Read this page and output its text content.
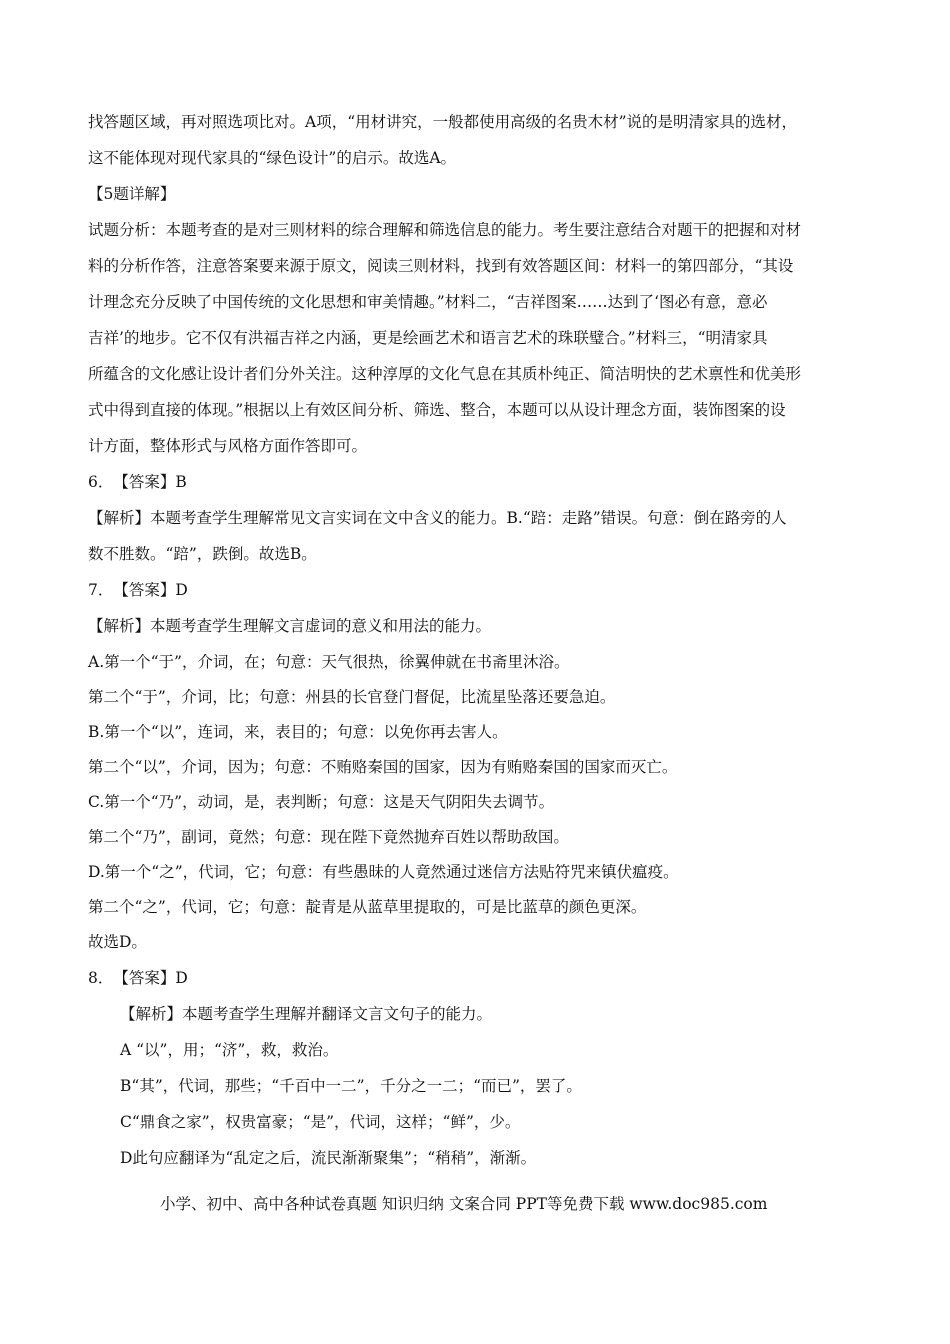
找答题区域，再对照选项比对。A项，“用材讲究，一般都使用高级的名贵木材”说的是明清家具的选材，
这不能体现对现代家具的“绿色设计”的启示。故选A。
【5题详解】
试题分析：本题考查的是对三则材料的综合理解和筛选信息的能力。考生要注意结合对题干的把握和对材
料的分析作答，注意答案要来源于原文，阅读三则材料，找到有效答题区间：材料一的第四部分，“其设
计理念充分反映了中国传统的文化思想和审美情趣。”材料二，“吉祥图案……达到了‘图必有意，意必
吉祥’的地步。它不仅有洪福吉祥之内涵，更是绘画艺术和语言艺术的珠联璧合。”材料三，“明清家具
所蕴含的文化感让设计者们分外关注。这种淳厚的文化气息在其质朴纯正、简洁明快的艺术禀性和优美形
式中得到直接的体现。”根据以上有效区间分析、筛选、整合，本题可以从设计理念方面，装饰图案的设
计方面，整体形式与风格方面作答即可。
6．　【答案】B
【解析】本题考查学生理解常见文言实词在文中含义的能力。B.“踣：走路”错误。句意：倒在路旁的人
数不胜数。“踣”，跌倒。故选B。
7．　【答案】D
【解析】本题考查学生理解文言虚词的意义和用法的能力。
A.第一个“于”，介词，在；句意：天气很热，徐翼伸就在书斋里沐浴。
第二个“于”，介词，比；句意：州县的长官登门督促，比流星坠落还要急迫。
B.第一个“以”，连词，来，表目的；句意：以免你再去害人。
第二个“以”，介词，因为；句意：不贿赂秦国的国家，因为有贿赂秦国的国家而灭亡。
C.第一个“乃”，动词，是，表判断；句意：这是天气阴阳失去调节。
第二个“乃”，副词，竟然；句意：现在陛下竟然抛弃百姓以帮助敌国。
D.第一个“之”，代词，它；句意：有些愚昧的人竟然通过迷信方法贴符咒来镇伏瘟疫。
第二个“之”，代词，它；句意：靛青是从蓝草里提取的，可是比蓝草的颜色更深。
故选D。
8．　【答案】D
【解析】本题考查学生理解并翻译文言文句子的能力。
A “以”，用；“济”，救，救治。
B“其”，代词，那些；“千百中一二”，千分之一二；“而已”，罢了。
C“鼎食之家”，权贵富豪；“是”，代词，这样；“鲜”，少。
D此句应翻译为“乱定之后，流民渐渐聚集”；“稍稍”，渐渐。
小学、初中、高中各种试卷真题 知识归纳 文案合同 PPT等免费下载 www.doc985.com
